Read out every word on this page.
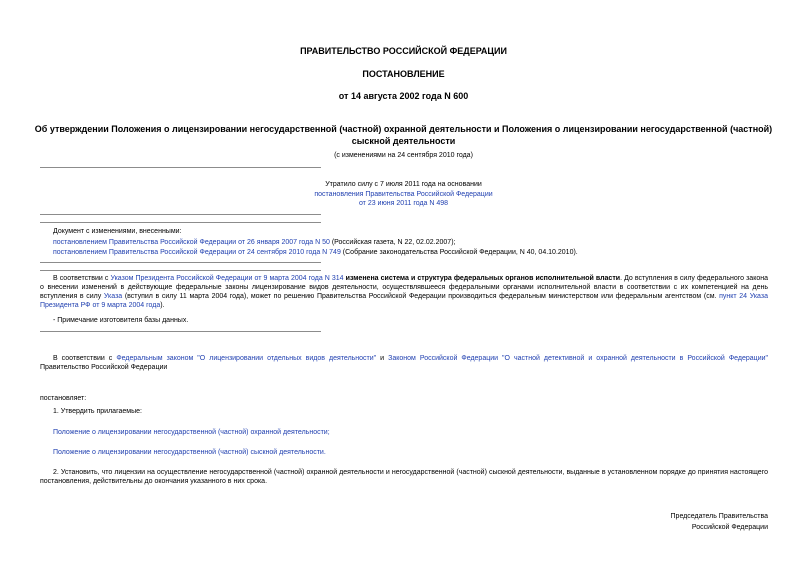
ПРАВИТЕЛЬСТВО РОССИЙСКОЙ ФЕДЕРАЦИИ
ПОСТАНОВЛЕНИЕ
от 14 августа 2002 года N 600
Об утверждении Положения о лицензировании негосударственной (частной) охранной деятельности и Положения о лицензировании негосударственной (частной)
сыскной деятельности
(с изменениями на 24 сентября 2010 года)
Утратило силу с 7 июля 2011 года на основании
постановления Правительства Российской Федерации
от 23 июня 2011 года N 498
Документ с изменениями, внесенными:
постановлением Правительства Российской Федерации от 26 января 2007 года N 50 (Российская газета, N 22, 02.02.2007);
постановлением Правительства Российской Федерации от 24 сентября 2010 года N 749 (Собрание законодательства Российской Федерации, N 40, 04.10.2010).
В соответствии с Указом Президента Российской Федерации от 9 марта 2004 года N 314 изменена система и структура федеральных органов исполнительной власти. До вступления в силу федерального закона о внесении изменений в действующие федеральные законы лицензирование видов деятельности, осуществлявшееся федеральными органами исполнительной власти в соответствии с их компетенцией на день вступления в силу Указа (вступил в силу 11 марта 2004 года), может по решению Правительства Российской Федерации производиться федеральным министерством или федеральным агентством (см. пункт 24 Указа Президента РФ от 9 марта 2004 года).
- Примечание изготовителя базы данных.
В соответствии с Федеральным законом "О лицензировании отдельных видов деятельности" и Законом Российской Федерации "О частной детективной и охранной деятельности в Российской Федерации" Правительство Российской Федерации
постановляет:
1. Утвердить прилагаемые:
Положение о лицензировании негосударственной (частной) охранной деятельности;
Положение о лицензировании негосударственной (частной) сыскной деятельности.
2. Установить, что лицензии на осуществление негосударственной (частной) охранной деятельности и негосударственной (частной) сыскной деятельности, выданные в установленном порядке до принятия настоящего постановления, действительны до окончания указанного в них срока.
Председатель Правительства
Российской Федерации
